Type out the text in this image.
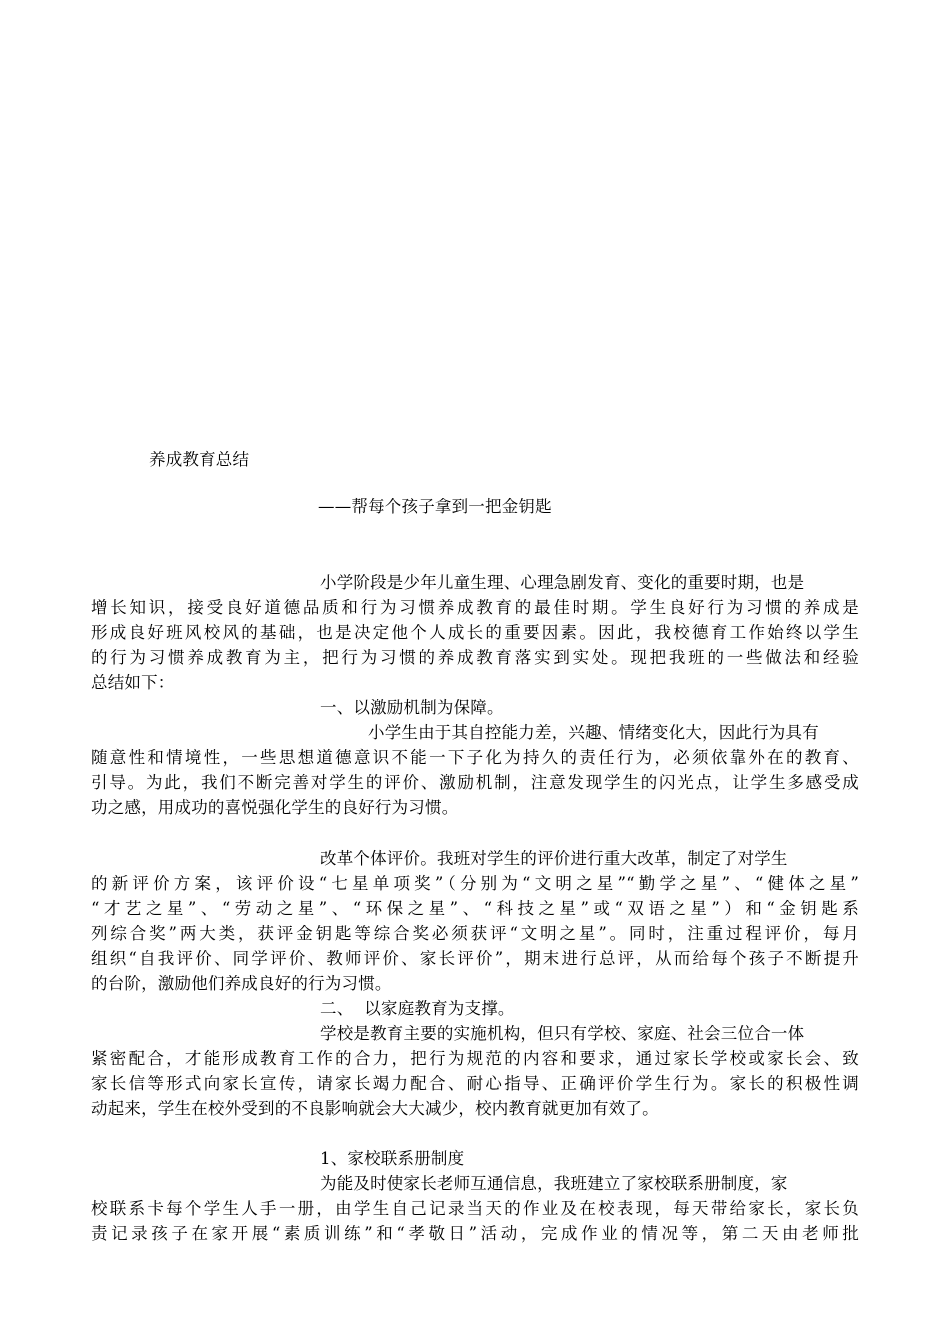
养成教育总结
——帮每个孩子拿到一把金钥匙
小学阶段是少年儿童生理、心理急剧发育、变化的重要时期，也是
增长知识，接受良好道德品质和行为习惯养成教育的最佳时期。学生良好行为习惯的养成是
形成良好班风校风的基础，也是决定他个人成长的重要因素。因此，我校德育工作始终以学生
的行为习惯养成教育为主，把行为习惯的养成教育落实到实处。现把我班的一些做法和经验
总结如下：
一、以激励机制为保障。
小学生由于其自控能力差，兴趣、情绪变化大，因此行为具有
随意性和情境性，一些思想道德意识不能一下子化为持久的责任行为，必须依靠外在的教育、
引导。为此，我们不断完善对学生的评价、激励机制，注意发现学生的闪光点，让学生多感受成
功之感，用成功的喜悦强化学生的良好行为习惯。
改革个体评价。我班对学生的评价进行重大改革，制定了对学生
的新评价方案，该评价设“七星单项奖”（分别为“文明之星”“勤学之星”、“健体之星”
“才艺之星”、“劳动之星”、“环保之星”、“科技之星”或“双语之星”）和“金钥匙系
列综合奖”两大类，获评金钥匙等综合奖必须获评“文明之星”。同时，注重过程评价，每月
组织“自我评价、同学评价、教师评价、家长评价”，期末进行总评，从而给每个孩子不断提升
的台阶，激励他们养成良好的行为习惯。
二、  以家庭教育为支撑。
学校是教育主要的实施机构，但只有学校、家庭、社会三位合一体
紧密配合，才能形成教育工作的合力，把行为规范的内容和要求，通过家长学校或家长会、致
家长信等形式向家长宣传，请家长竭力配合、耐心指导、正确评价学生行为。家长的积极性调
动起来，学生在校外受到的不良影响就会大大减少，校内教育就更加有效了。
1、家校联系册制度
为能及时使家长老师互通信息，我班建立了家校联系册制度，家
校联系卡每个学生人手一册，由学生自己记录当天的作业及在校表现，每天带给家长，家长负
责记录孩子在家开展“素质训练”和“孝敬日”活动，完成作业的情况等，第二天由老师批
